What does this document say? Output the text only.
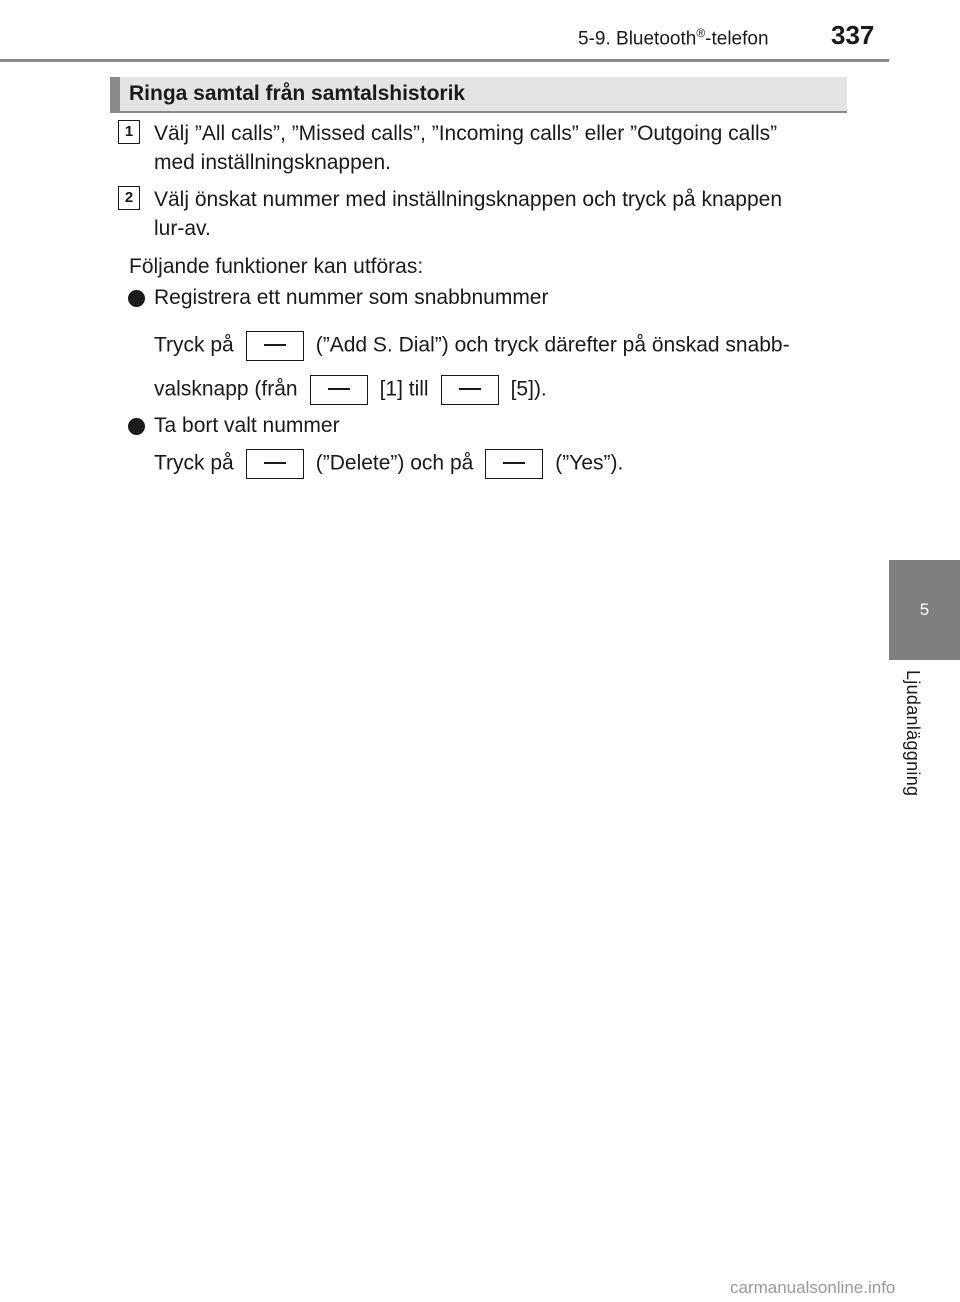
5-9. Bluetooth®-telefon 337
5
Ljudanläggning
Ringa samtal från samtalshistorik
1 Välj ”All calls”, ”Missed calls”, ”Incoming calls” eller ”Outgoing calls”
med inställningsknappen.
2 Välj önskat nummer med inställningsknappen och tryck på knappen
lur-av.
Följande funktioner kan utföras:
Registrera ett nummer som snabbnummer
Tryck på	(”Add S. Dial”) och tryck därefter på önskad snabb-
valsknapp (från	[1] till	[5]).
Ta bort valt nummer
Tryck på	(”Delete”) och på	(”Yes”).
carmanualsonline.info
